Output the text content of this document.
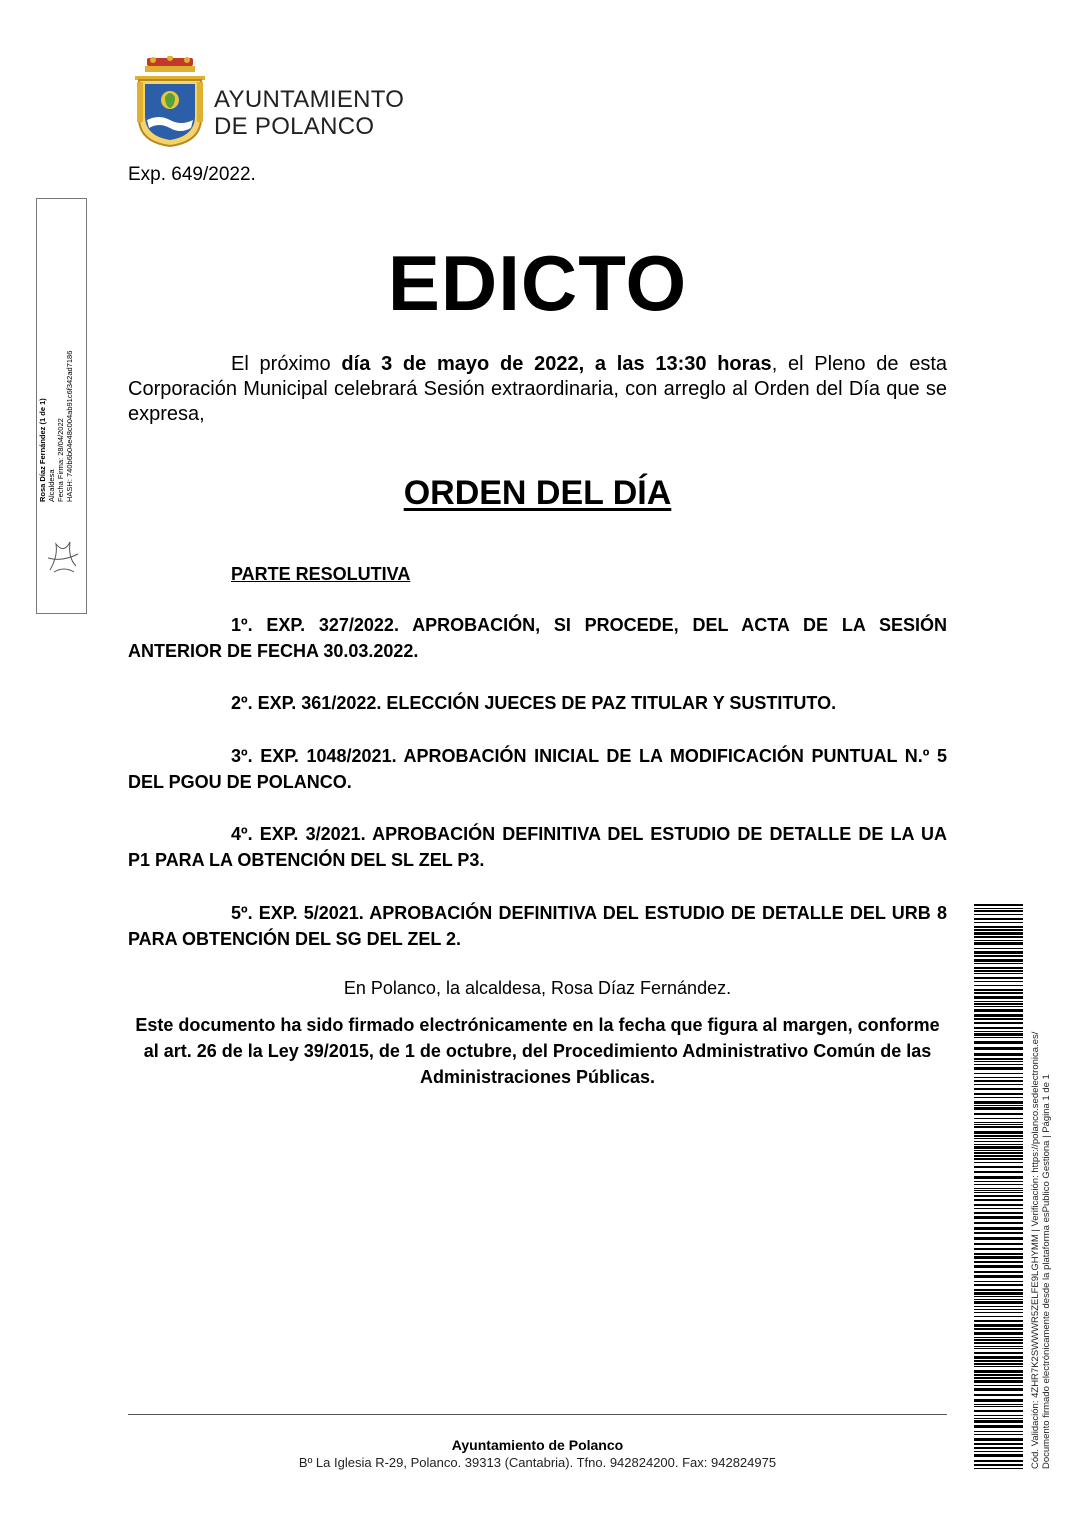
AYUNTAMIENTO
DE POLANCO
Exp. 649/2022.
Rosa Díaz Fernández (1 de 1) Alcaldesa Fecha Firma: 28/04/2022 HASH: 740b6b04e48c004ab91c6f342ad7186
EDICTO
El próximo día 3 de mayo de 2022, a las 13:30 horas, el Pleno de esta Corporación Municipal celebrará Sesión extraordinaria, con arreglo al Orden del Día que se expresa,
ORDEN DEL DÍA
PARTE RESOLUTIVA
1º. EXP. 327/2022. APROBACIÓN, SI PROCEDE, DEL ACTA DE LA SESIÓN ANTERIOR DE FECHA 30.03.2022.
2º. EXP. 361/2022. ELECCIÓN JUECES DE PAZ TITULAR Y SUSTITUTO.
3º. EXP. 1048/2021. APROBACIÓN INICIAL DE LA MODIFICACIÓN PUNTUAL N.º 5 DEL PGOU DE POLANCO.
4º. EXP. 3/2021. APROBACIÓN DEFINITIVA DEL ESTUDIO DE DETALLE DE LA UA P1 PARA LA OBTENCIÓN DEL SL ZEL P3.
5º. EXP. 5/2021. APROBACIÓN DEFINITIVA DEL ESTUDIO DE DETALLE DEL URB 8 PARA OBTENCIÓN DEL SG DEL ZEL 2.
En Polanco, la alcaldesa, Rosa Díaz Fernández.
Este documento ha sido firmado electrónicamente en la fecha que figura al margen, conforme al art. 26 de la Ley 39/2015, de 1 de octubre, del Procedimiento Administrativo Común de las Administraciones Públicas.
Ayuntamiento de Polanco
Bº La Iglesia R-29, Polanco. 39313 (Cantabria). Tfno. 942824200. Fax: 942824975	Cód. Validación: 4ZHR7K2SWWWR5ZELFE9LGHYMM | Verificación: https://polanco.sedelectronica.es/ Documento firmado electrónicamente desde la plataforma esPublico Gestiona | Página 1 de 1
